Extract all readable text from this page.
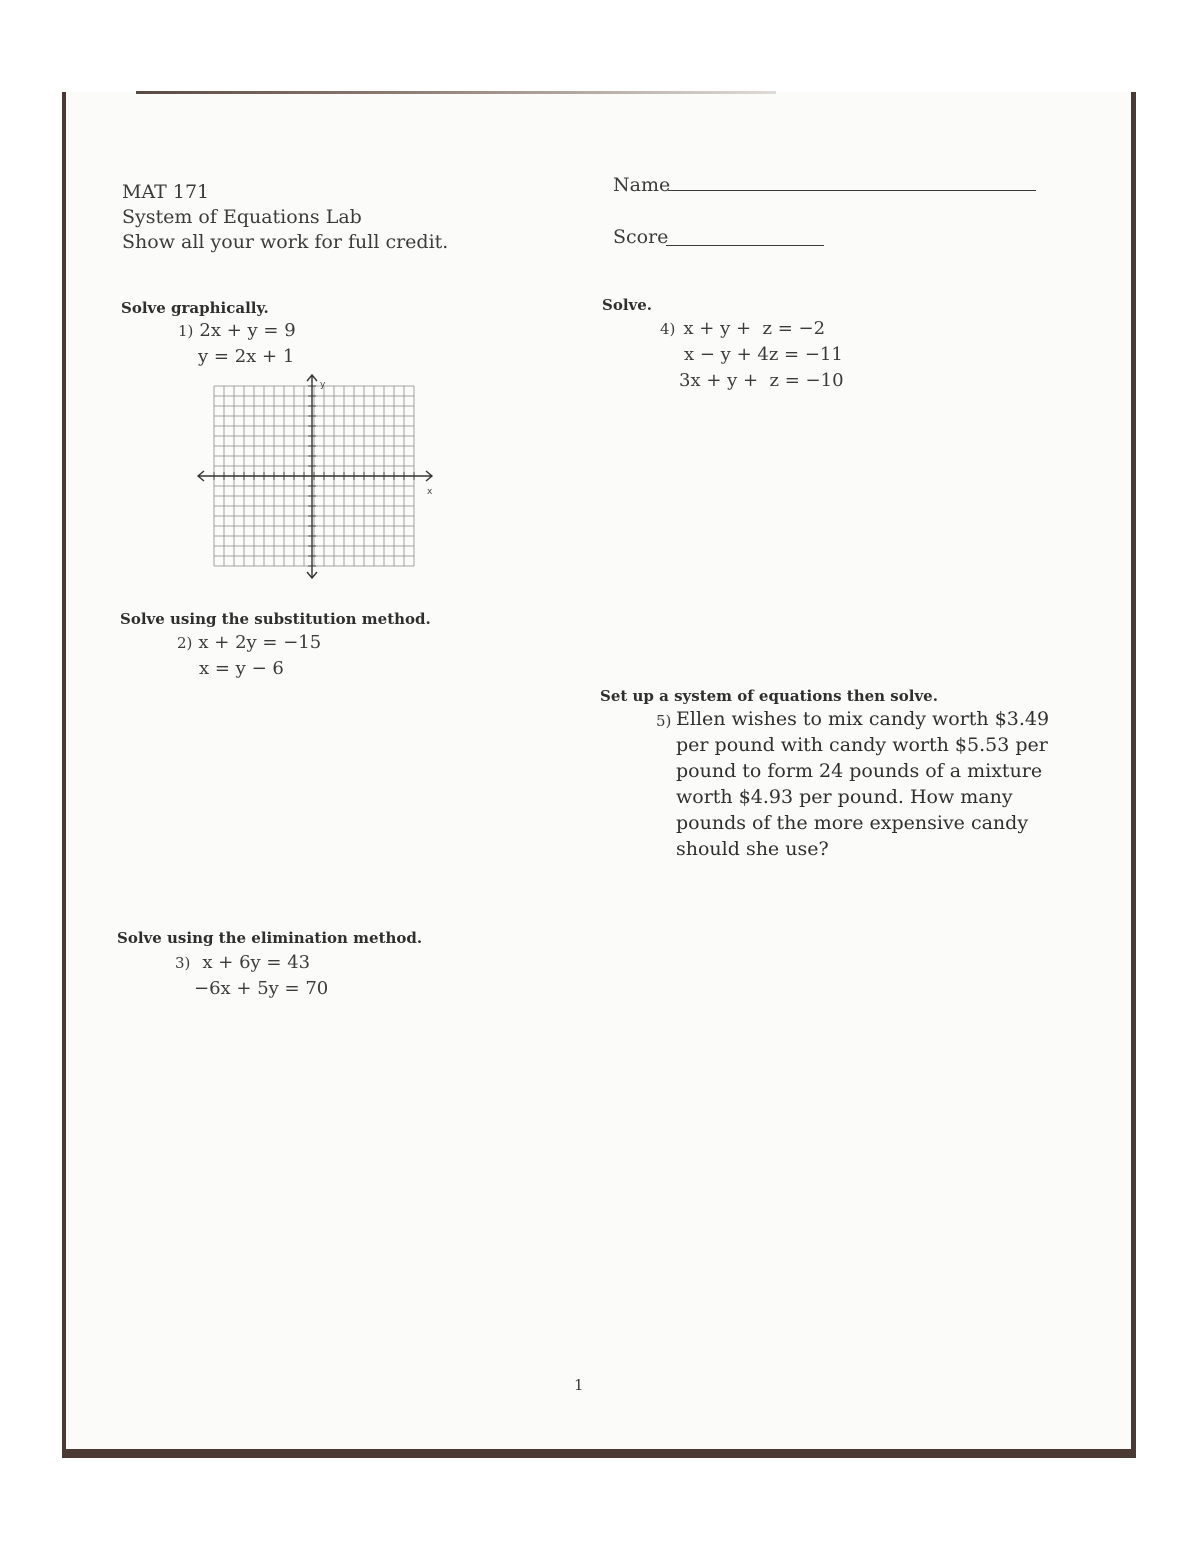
MAT 171
System of Equations Lab
Show all your work for full credit.
Name
Score
Solve graphically.
1) 2x + y = 9
y = 2x + 1
y
x
Solve using the substitution method.
2) x + 2y = −15
x = y − 6
Solve using the elimination method.
3) x + 6y = 43
−6x + 5y = 70
Solve.
4) x + y +  z = −2
x − y + 4z = −11
3x + y +  z = −10
Set up a system of equations then solve.
5) Ellen wishes to mix candy worth $3.49
per pound with candy worth $5.53 per
pound to form 24 pounds of a mixture
worth $4.93 per pound. How many
pounds of the more expensive candy
should she use?
1
